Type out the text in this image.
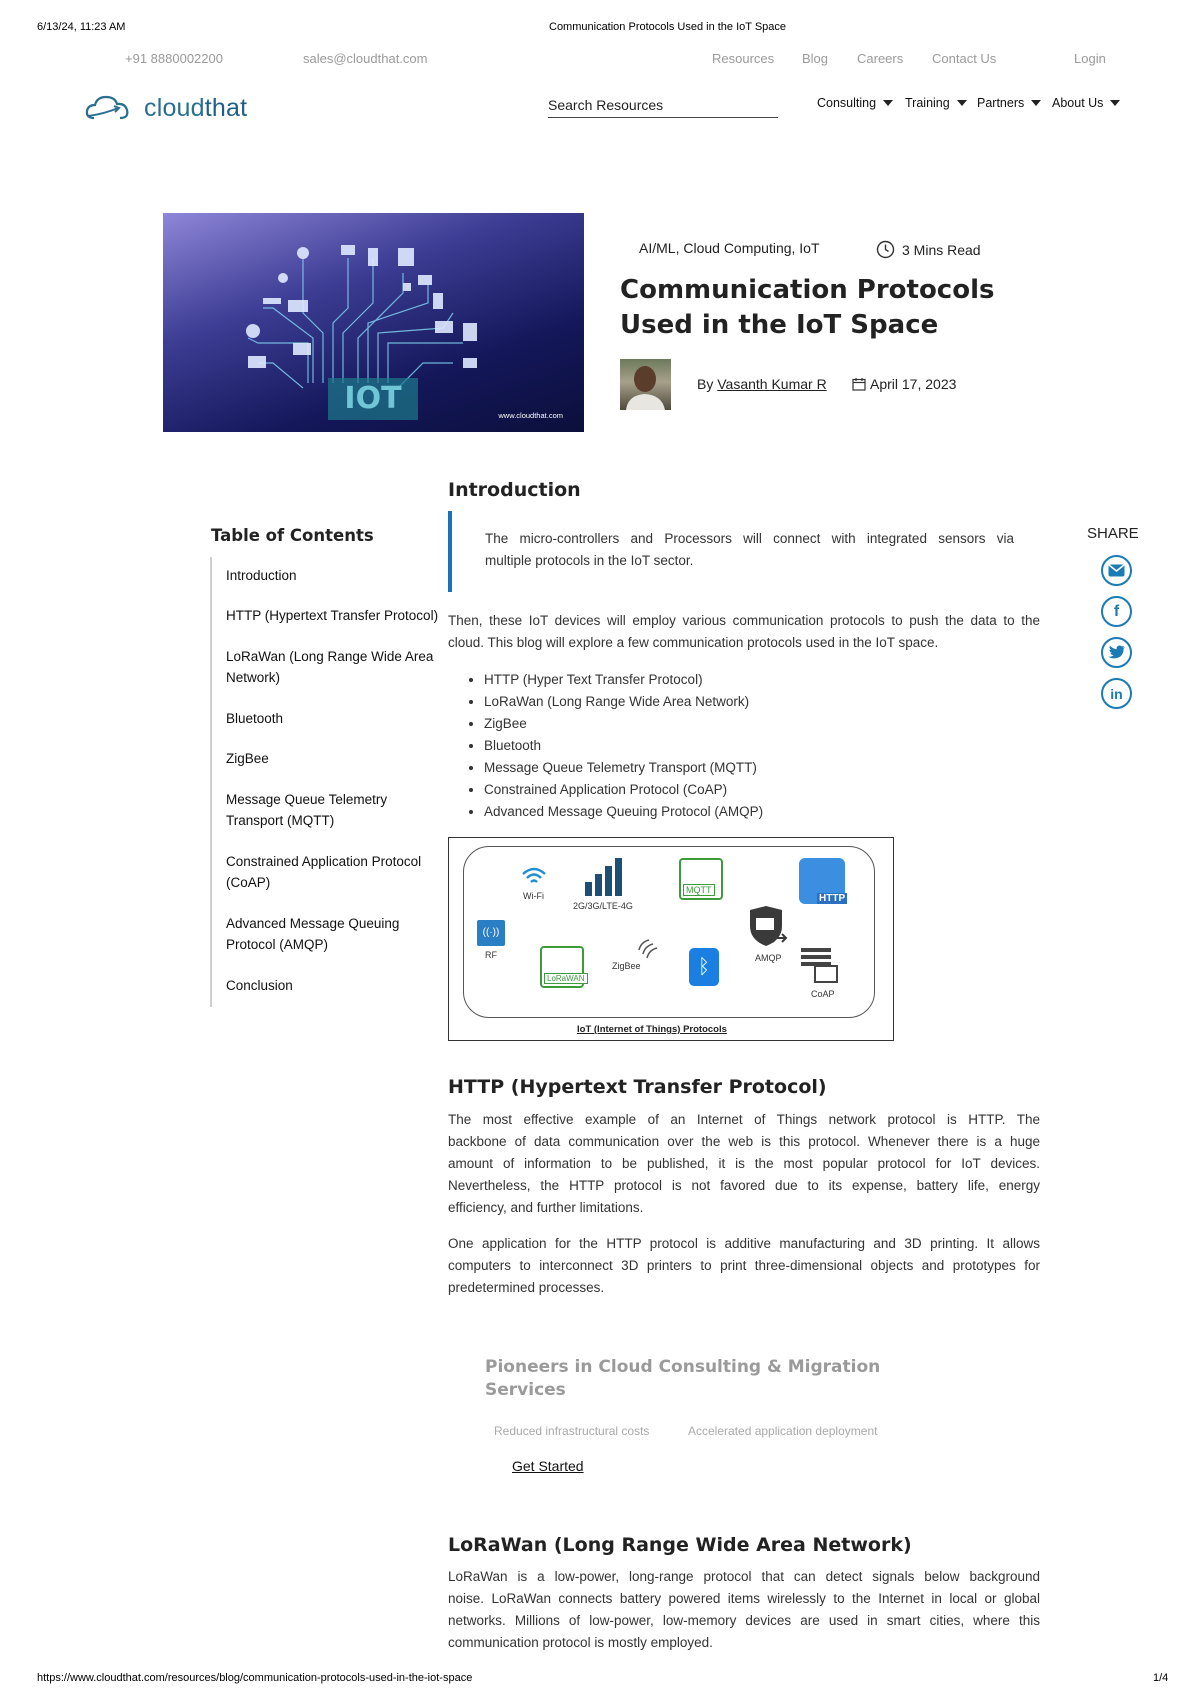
6/13/24, 11:23 AM	Communication Protocols Used in the IoT Space
+91 8880002200	sales@cloudthat.com	Resources Blog Careers Contact Us	Login
cloudthat	Search Resources	Consulting Training Partners About Us
IOT	www.cloudthat.com
AI/ML, Cloud Computing, IoT	3 Mins Read
Communication Protocols
Used in the IoT Space
By Vasanth Kumar R	April 17, 2023
Introduction
Table of Contents
Introduction
HTTP (Hypertext Transfer Protocol)
LoRaWan (Long Range Wide Area
Network)
Bluetooth
ZigBee
Message Queue Telemetry
Transport (MQTT)
Constrained Application Protocol
(CoAP)
Advanced Message Queuing
Protocol (AMQP)
Conclusion
SHARE
f
in
The micro-controllers and Processors will connect with integrated sensors via
multiple protocols in the IoT sector.
Then, these IoT devices will employ various communication protocols to push the data to the
cloud. This blog will explore a few communication protocols used in the IoT space.
• HTTP (Hyper Text Transfer Protocol)
• LoRaWan (Long Range Wide Area Network)
• ZigBee
• Bluetooth
• Message Queue Telemetry Transport (MQTT)
• Constrained Application Protocol (CoAP)
• Advanced Message Queuing Protocol (AMQP)
Wi-Fi
2G/3G/LTE-4G
MQTT
HTTP
((·))
RF
LoRaWAN
ZigBee	ᛒ	AMQP
CoAP
IoT (Internet of Things) Protocols
HTTP (Hypertext Transfer Protocol)
The most effective example of an Internet of Things network protocol is HTTP. The
backbone of data communication over the web is this protocol. Whenever there is a huge
amount of information to be published, it is the most popular protocol for IoT devices.
Nevertheless, the HTTP protocol is not favored due to its expense, battery life, energy
efficiency, and further limitations.
One application for the HTTP protocol is additive manufacturing and 3D printing. It allows
computers to interconnect 3D printers to print three-dimensional objects and prototypes for
predetermined processes.
Pioneers in Cloud Consulting & Migration
Services
Reduced infrastructural costs	Accelerated application deployment
Get Started
LoRaWan (Long Range Wide Area Network)
LoRaWan is a low-power, long-range protocol that can detect signals below background
noise. LoRaWan connects battery powered items wirelessly to the Internet in local or global
networks. Millions of low-power, low-memory devices are used in smart cities, where this
communication protocol is mostly employed.
https://www.cloudthat.com/resources/blog/communication-protocols-used-in-the-iot-space	1/4
